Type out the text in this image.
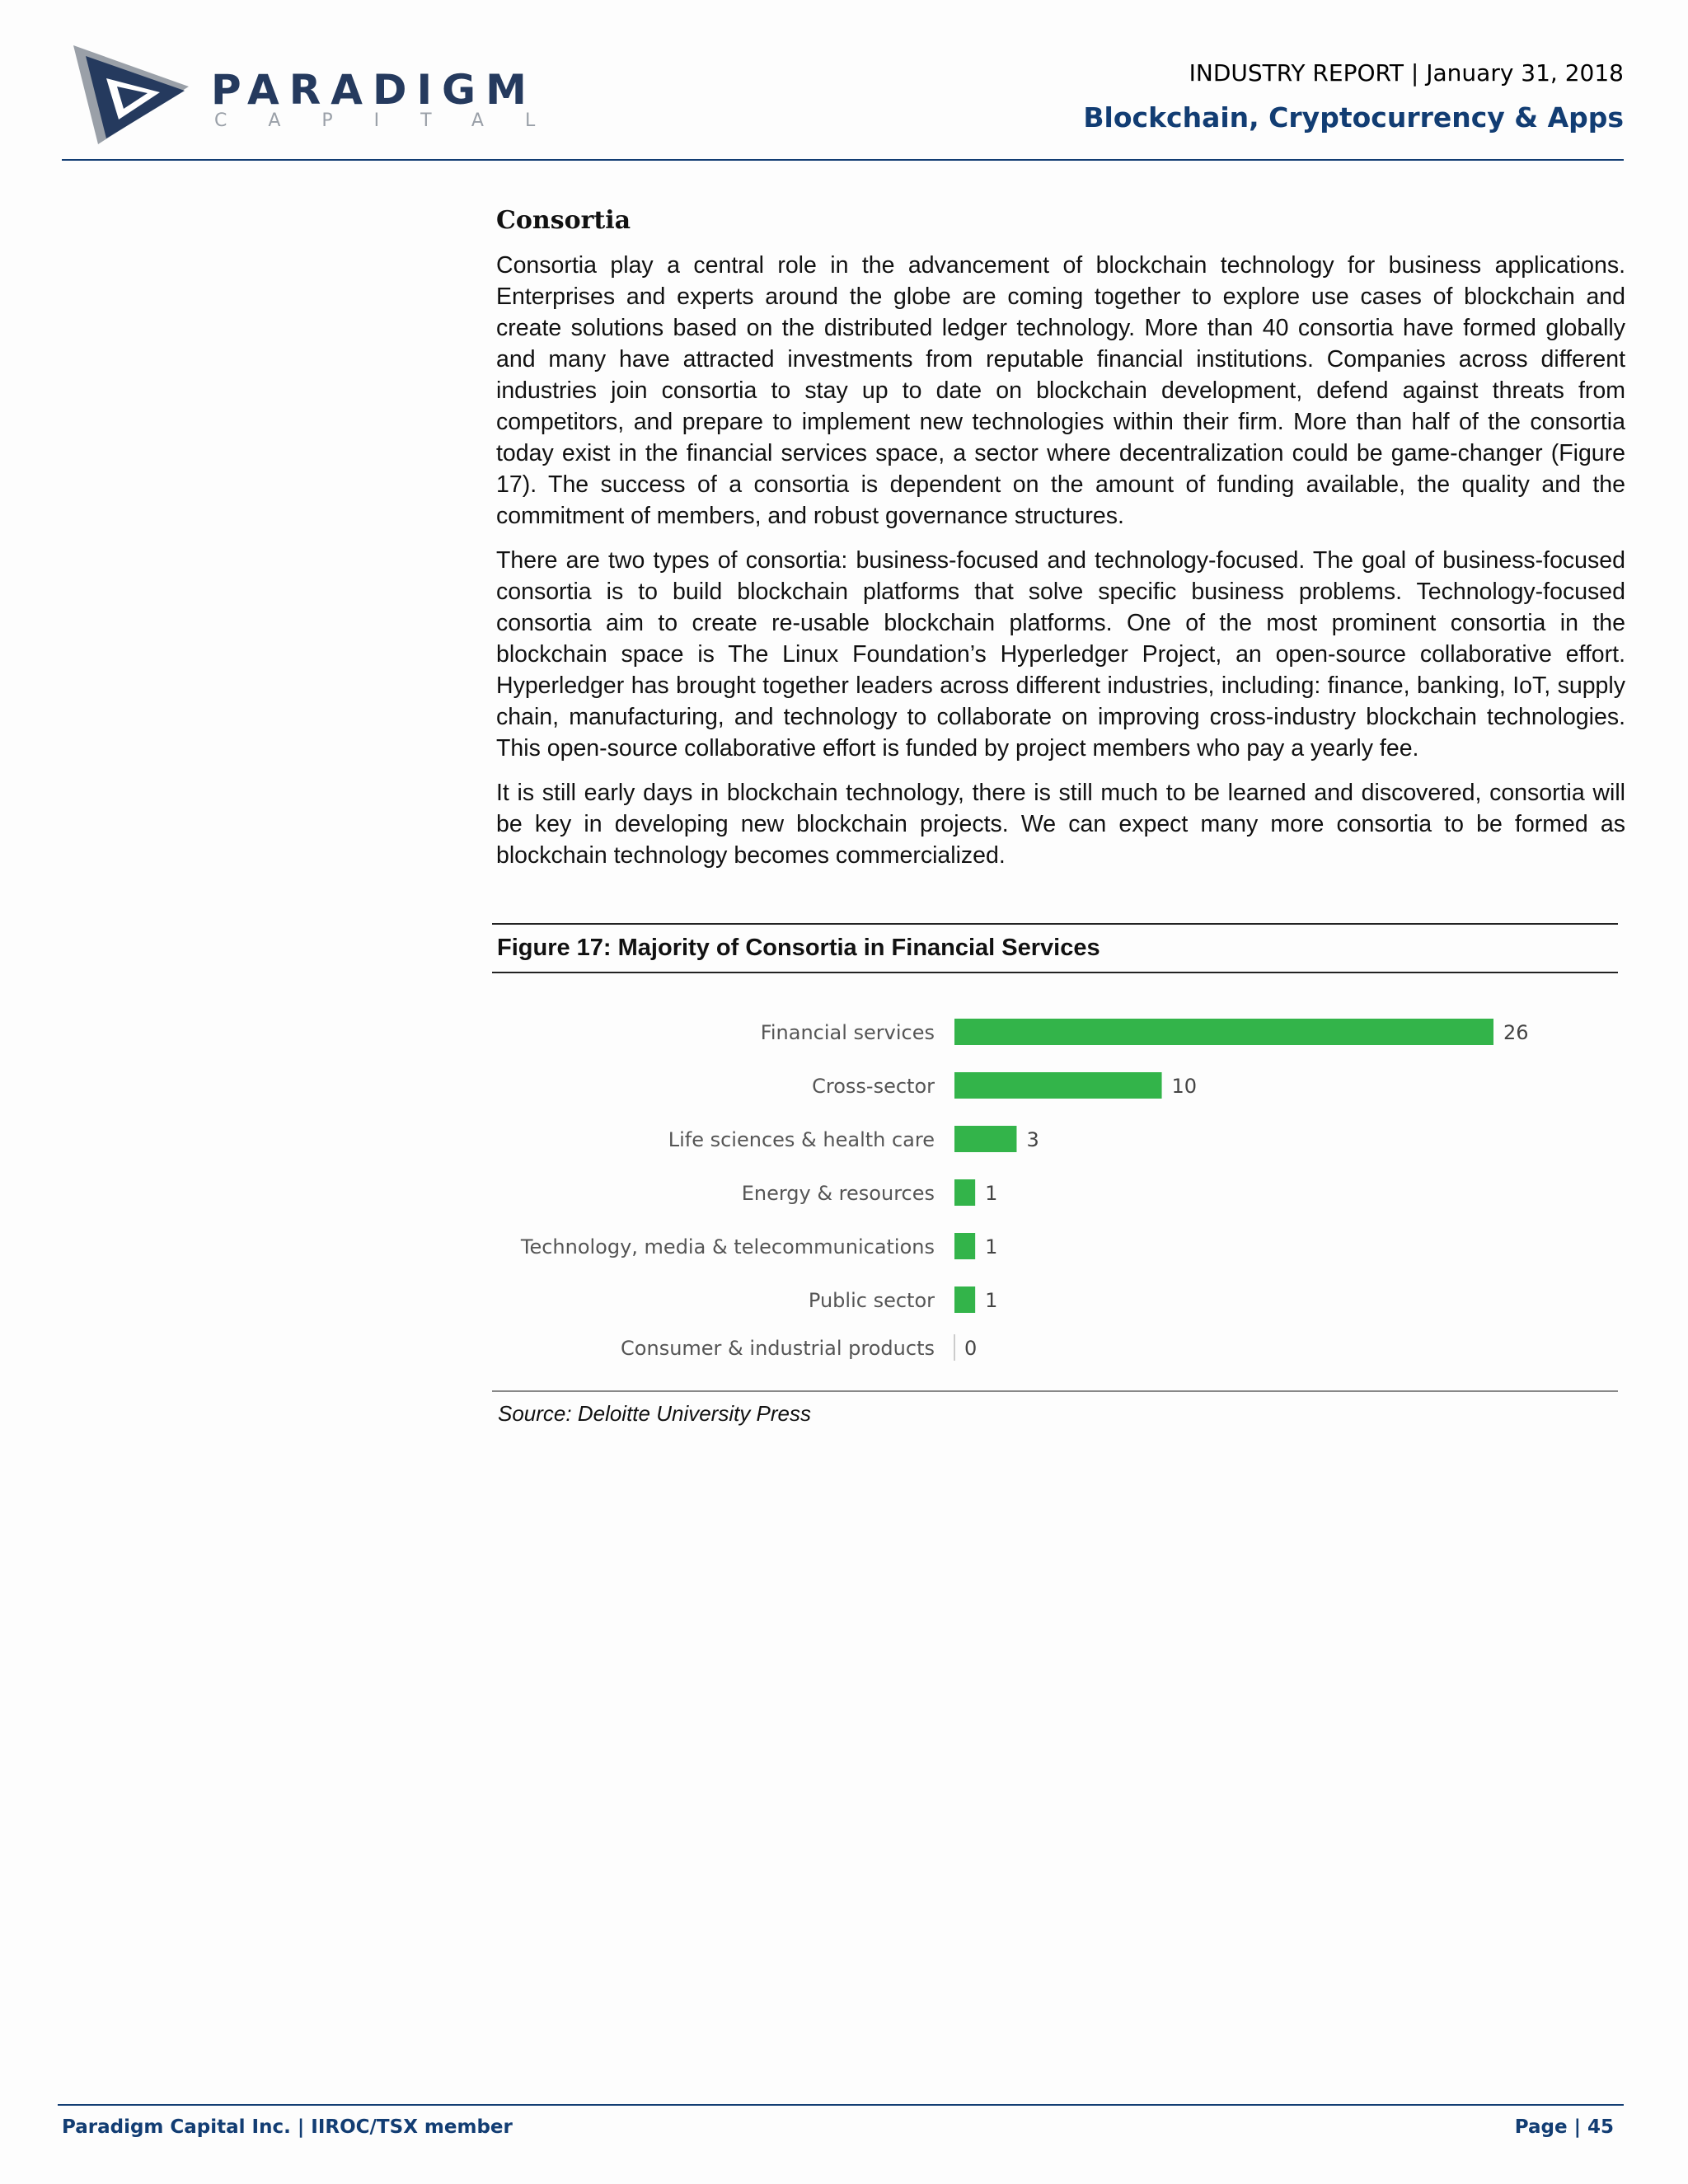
PARADIGM
CAPITAL
INDUSTRY REPORT | January 31, 2018
Blockchain, Cryptocurrency & Apps
Consortia

Consortia play a central role in the advancement of blockchain technology for business applications. Enterprises and experts around the globe are coming together to explore use cases of blockchain and create solutions based on the distributed ledger technology. More than 40 consortia have formed globally and many have attracted investments from reputable financial institutions. Companies across different industries join consortia to stay up to date on blockchain development, defend against threats from competitors, and prepare to implement new technologies within their firm. More than half of the consortia today exist in the financial services space, a sector where decentralization could be game-changer (Figure 17). The success of a consortia is dependent on the amount of funding available, the quality and the commitment of members, and robust governance structures.

There are two types of consortia: business-focused and technology-focused. The goal of business-focused consortia is to build blockchain platforms that solve specific business problems. Technology-focused consortia aim to create re-usable blockchain platforms. One of the most prominent consortia in the blockchain space is The Linux Foundation’s Hyperledger Project, an open-source collaborative effort. Hyperledger has brought together leaders across different industries, including: finance, banking, IoT, supply chain, manufacturing, and technology to collaborate on improving cross-industry blockchain technologies. This open-source collaborative effort is funded by project members who pay a yearly fee.

It is still early days in blockchain technology, there is still much to be learned and discovered, consortia will be key in developing new blockchain projects. We can expect many more consortia to be formed as blockchain technology becomes commercialized.

Figure 17: Majority of Consortia in Financial Services
Financial services	26
Cross-sector	10
Life sciences & health care	3
Energy & resources	1
Technology, media & telecommunications	1
Public sector	1
Consumer & industrial products 0
Source: Deloitte University Press
Paradigm Capital Inc. | IIROC/TSX member	Page | 45
